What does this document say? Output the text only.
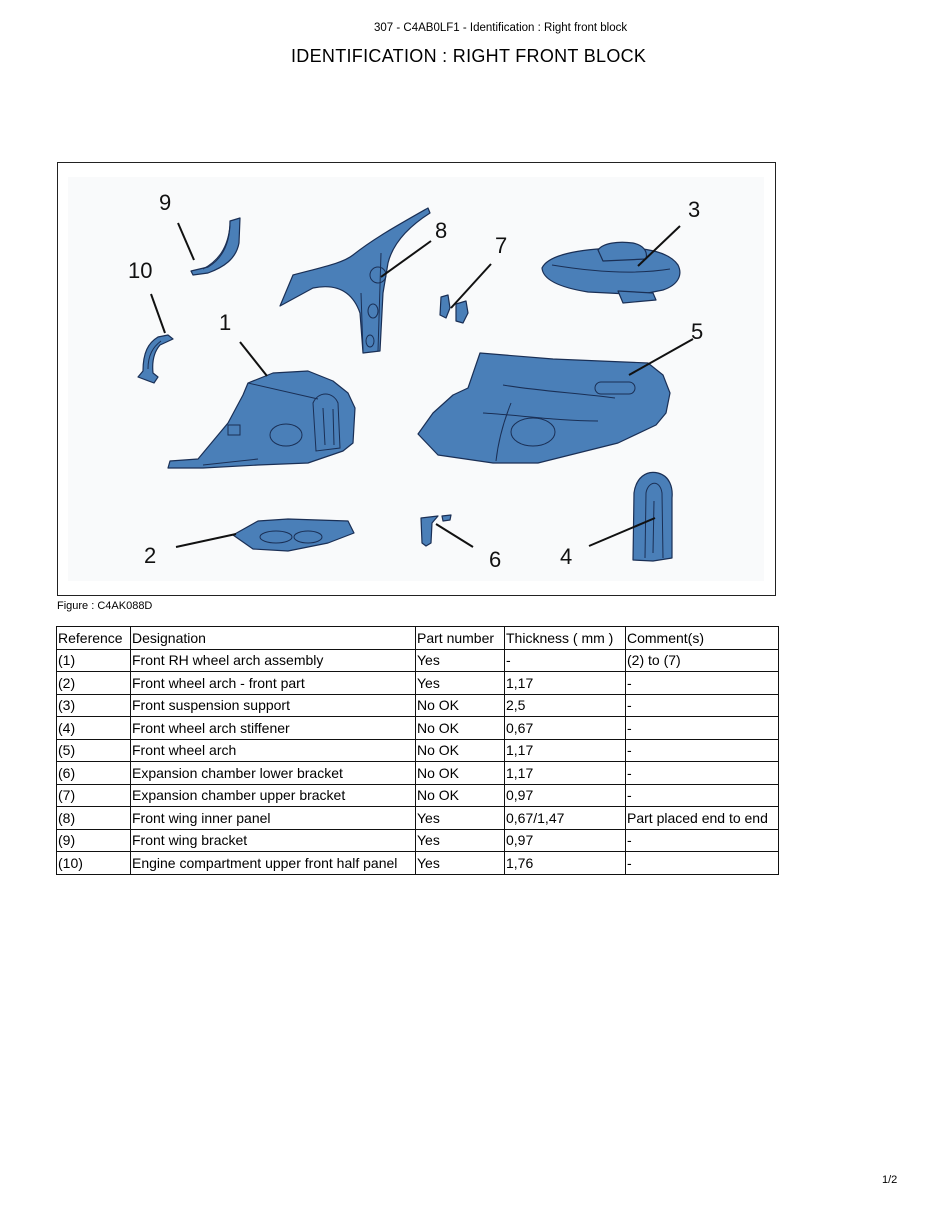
307 - C4AB0LF1 - Identification : Right front block
IDENTIFICATION : RIGHT FRONT BLOCK
9
10
1
2
3
5
8
7
6	4
Figure : C4AK088D
Reference	Designation	Part number	Thickness ( mm )	Comment(s)
(1)	Front RH wheel arch assembly	Yes	-	(2) to (7)
(2)	Front wheel arch - front part	Yes	1,17	-
(3)	Front suspension support	No OK	2,5	-
(4)	Front wheel arch stiffener	No OK	0,67	-
(5)	Front wheel arch	No OK	1,17	-
(6)	Expansion chamber lower bracket	No OK	1,17	-
(7)	Expansion chamber upper bracket	No OK	0,97	-
(8)	Front wing inner panel	Yes	0,67/1,47	Part placed end to end
(9)	Front wing bracket	Yes	0,97	-
(10)	Engine compartment upper front half panel	Yes	1,76	-
1/2
